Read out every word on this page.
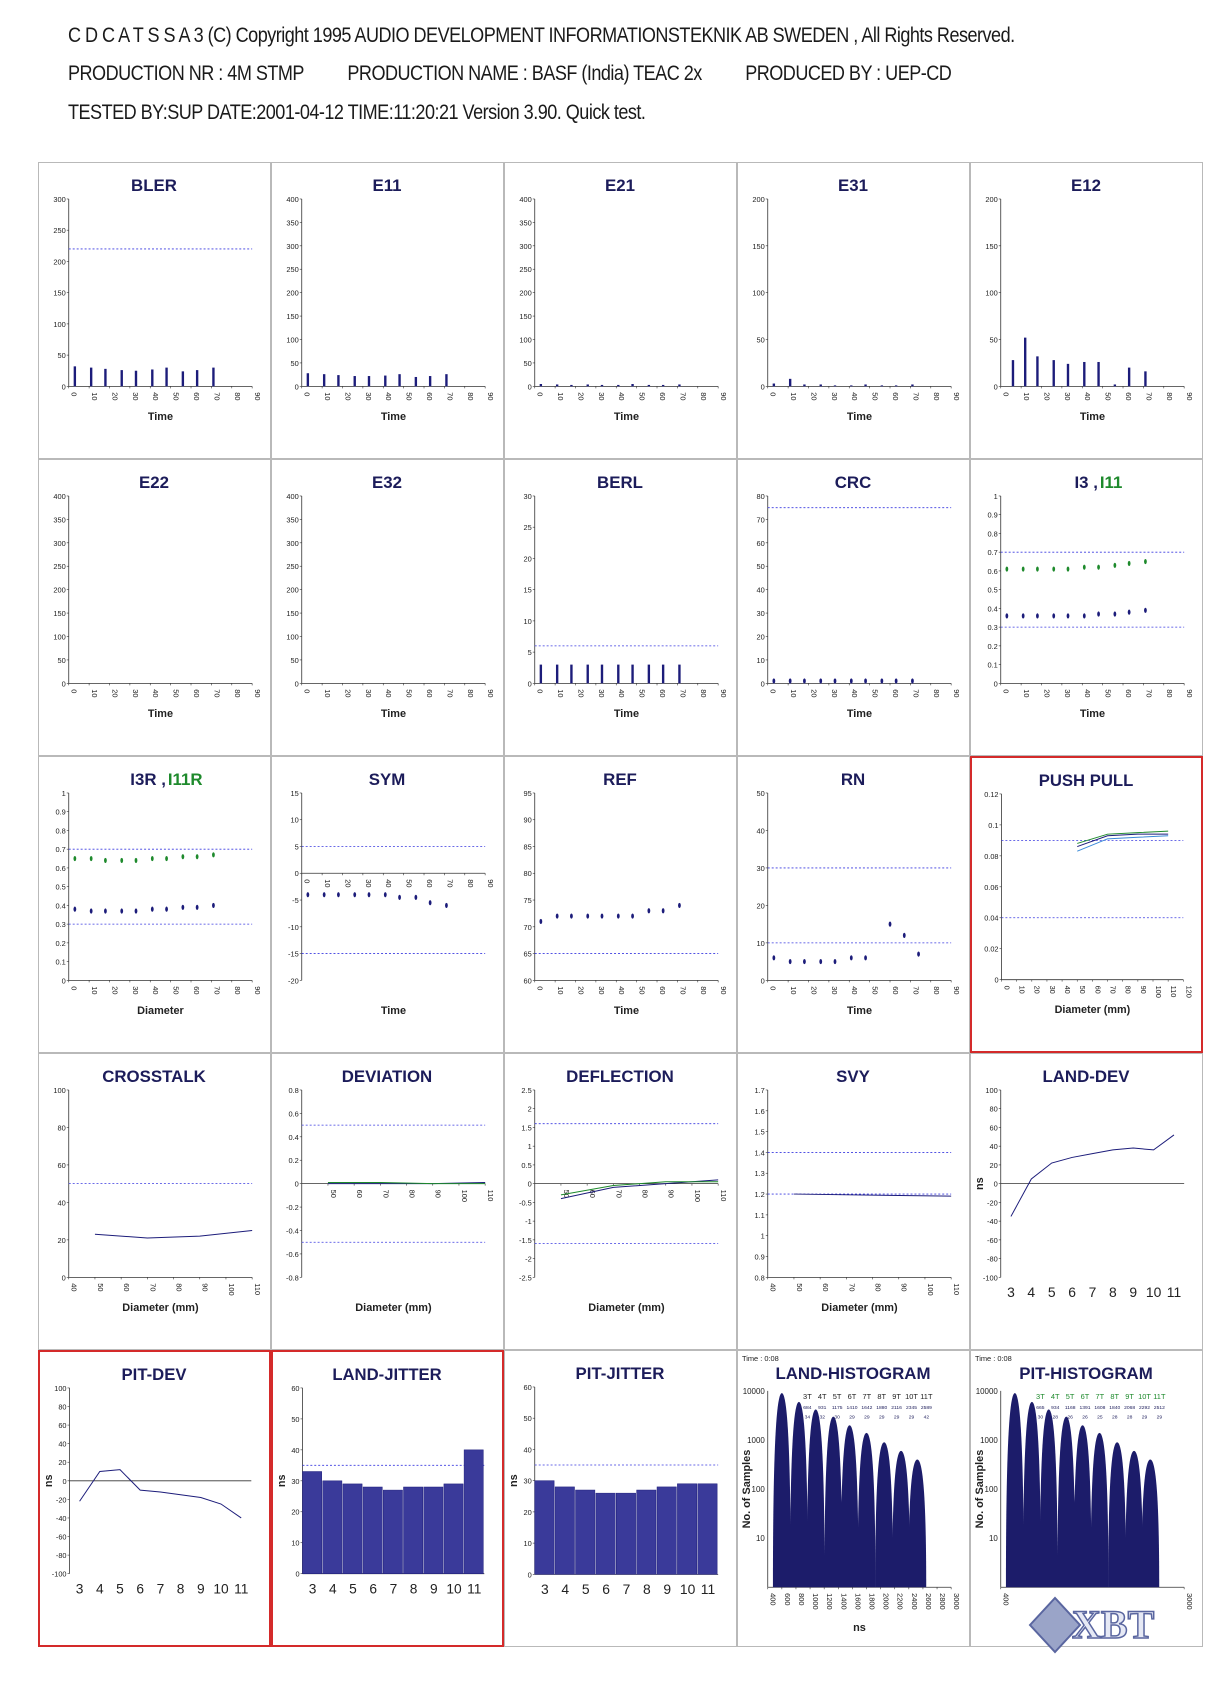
C D C A T S S A 3 (C) Copyright 1995 AUDIO DEVELOPMENT INFORMATIONSTEKNIK AB SWEDEN , All Rights Reserved.
PRODUCTION NR : 4M STMP PRODUCTION NAME : BASF (India) TEAC 2x PRODUCED BY : UEP-CD
TESTED BY:SUP DATE:2001-04-12 TIME:11:20:21 Version 3.90. Quick test.
BLER
0
50
100
150
200
250
300
0 10 20 30 40 50 60 70 80 90
Time
E11
0
50
100
150
200
250
300
350
400
0 10 20 30 40 50 60 70 80 90
Time
E21
0
50
100
150
200
250
300
350
400
0 10 20 30 40 50 60 70 80 90
Time
E31
0
50
100
150
200
0 10 20 30 40 50 60 70 80 90
Time
E12
0
50
100
150
200
0 10 20 30 40 50 60 70 80 90
Time
E22
0
50
100
150
200
250
300
350
400
0 10 20 30 40 50 60 70 80 90
Time
E32
0
50
100
150
200
250
300
350
400
0 10 20 30 40 50 60 70 80 90
Time
BERL
0
5
10
15
20
25
30
0 10 20 30 40 50 60 70 80 90
Time
CRC
0
10
20
30
40
50
60
70
80
0 10 20 30 40 50 60 70 80 90
Time
I3 , I11
0
0.1
0.2
0.3
0.4
0.5
0.6
0.7
0.8
0.9
1
0 10 20 30 40 50 60 70 80 90
Time
I3R , I11R
0
0.1
0.2
0.3
0.4
0.5
0.6
0.7
0.8
0.9
1
0 10 20 30 40 50 60 70 80 90
Diameter
SYM
-20
-15
-10
-5
0
5
10
15
0 10 20 30 40 50 60 70 80 90
Time
REF
60
65
70
75
80
85
90
95
0 10 20 30 40 50 60 70 80 90
Time
RN
0
10
20
30
40
50
0 10 20 30 40 50 60 70 80 90
Time
PUSH PULL
0
0.02
0.04
0.06
0.08
0.1
0.12
0 10 20 30 40 50 60 70 80 90 100 110 120
Diameter (mm)
CROSSTALK
0
20
40
60
80
100
40 50 60 70 80 90 100 110
Diameter (mm)
DEVIATION
0.8
0.6
0.4
0.2
0
-0.2
-0.4
-0.6
-0.8
50 60 70 80 90 100 110
Diameter (mm)
DEFLECTION
2.5
2
1.5
1
0.5
0
-0.5
-1
-1.5
-2
-2.5
50 60 70 80 90 100 110
Diameter (mm)
SVY
0.8
0.9
1
1.1
1.2
1.3
1.4
1.5
1.6
1.7
40 50 60 70 80 90 100 110
Diameter (mm)
LAND-DEV
100
80
60
40
20
0
-20
-40
-60
-80
-100
3 4 5 6 7 8 9 10 11
ns
PIT-DEV
100
80
60
40
20
0
-20
-40
-60
-80
-100
3 4 5 6 7 8 9 10 11
ns
LAND-JITTER
0
10
20
30
40
50
60
3 4 5 6 7 8 9 10 11
ns
PIT-JITTER
0
10
20
30
40
50
60
3 4 5 6 7 8 9 10 11
ns
LAND-HISTOGRAM
10
100
1000
10000
400 600 800 1000 1200 1400 1600 1800 2000 2200 2400 2600 2800 3000
ns
No. of Samples
3T
684
34
4T
931
32
5T
1175
30
6T
1410
29
7T
1642
29
8T
1880
29
9T
2116
29
10T
2345
29
11T
2589
42
Time : 0:08
PIT-HISTOGRAM
10
100
1000
10000
400	3000
No. of Samples
3T
665
30
4T
934
28
5T
1168
26
6T
1391
26
7T
1608
25
8T
1840
28
9T
2068
28
10T
2292
29
11T
2512
29
Time : 0:08
XBT
